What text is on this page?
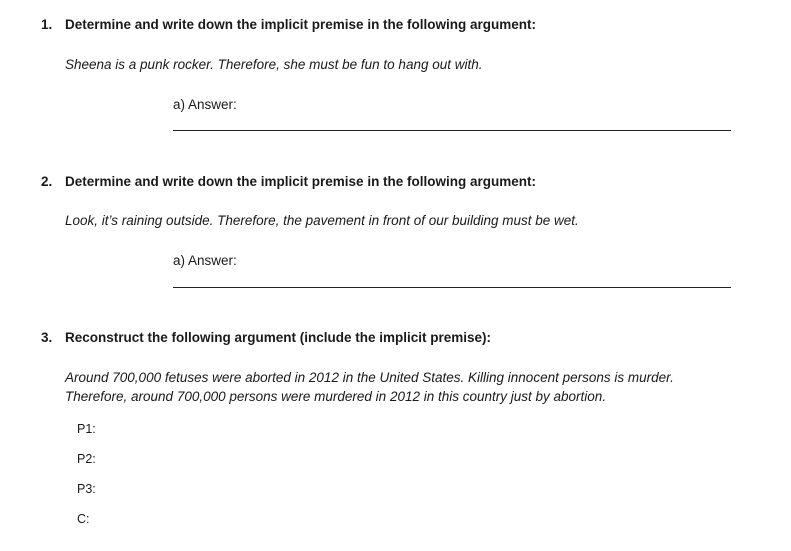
1. Determine and write down the implicit premise in the following argument:
Sheena is a punk rocker. Therefore, she must be fun to hang out with.
a) Answer:
2. Determine and write down the implicit premise in the following argument:
Look, it’s raining outside. Therefore, the pavement in front of our building must be wet.
a) Answer:
3. Reconstruct the following argument (include the implicit premise):
Around 700,000 fetuses were aborted in 2012 in the United States. Killing innocent persons is murder.
Therefore, around 700,000 persons were murdered in 2012 in this country just by abortion.
P1:
P2:
P3:
C:
